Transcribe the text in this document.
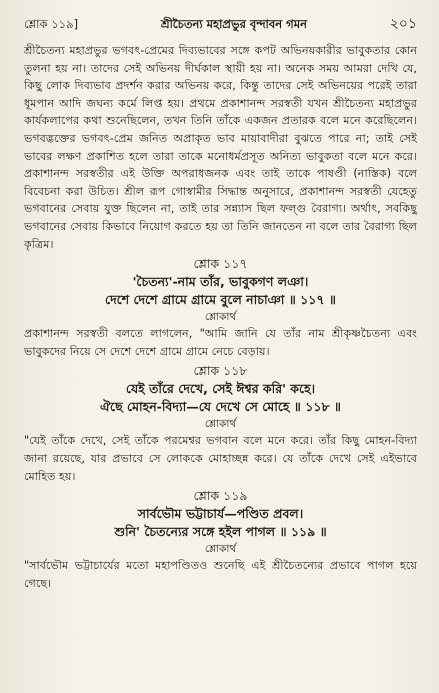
শ্লোক ১১৯]	শ্রীচৈতন্য মহাপ্রভুর বৃন্দাবন গমন	২০১

শ্রীচৈতন্য মহাপ্রভুর ভগবৎ-প্রেমের দিব্যভাবের সঙ্গে কপট অভিনয়কারীর ভাবুকতার কোন তুলনা হয় না। তাদের সেই অভিনয় দীর্ঘকাল স্থায়ী হয় না। অনেক সময় আমরা দেখি যে, কিছু লোক দিব্যভাব প্রদর্শন করার অভিনয় করে, কিন্তু তাদের সেই অভিনয়ের পরেই তারা ধূমপান আদি জঘন্য কর্মে লিপ্ত হয়। প্রথমে প্রকাশানন্দ সরস্বতী যখন শ্রীচৈতন্য মহাপ্রভুর কার্যকলাপের কথা শুনেছিলেন, তখন তিনি তাঁকে একজন প্রতারক বলে মনে করেছিলেন। ভগবদ্ভক্তের ভগবৎ-প্রেম জনিত অপ্রাকৃত ভাব মায়াবাদীরা বুঝতে পারে না; তাই সেই ভাবের লক্ষণ প্রকাশিত হলে তারা তাকে মনোধর্মপ্রসূত অনিত্য ভাবুকতা বলে মনে করে। প্রকাশানন্দ সরস্বতীর এই উক্তি অপরাধজনক এবং তাই তাকে পাষণ্ডী (নাস্তিক) বলে বিবেচনা করা উচিত। শ্রীল রূপ গোস্বামীর সিদ্ধান্ত অনুসারে, প্রকাশানন্দ সরস্বতী যেহেতু ভগবানের সেবায় যুক্ত ছিলেন না, তাই তার সন্ন্যাস ছিল ফল্গু বৈরাগ্য। অর্থাৎ, সবকিছু ভগবানের সেবায় কিভাবে নিয়োগ করতে হয় তা তিনি জানতেন না বলে তার বৈরাগ্য ছিল কৃত্রিম।

শ্লোক ১১৭

'চৈতন্য'-নাম তাঁর, ভাবুকগণ লঞা।

দেশে দেশে গ্রামে গ্রামে বুলে নাচাঞা ॥ ১১৭ ॥

শ্লোকার্থ

প্রকাশানন্দ সরস্বতী বলতে লাগলেন, "আমি জানি যে তাঁর নাম শ্রীকৃষ্ণচৈতন্য এবং ভাবুকদের নিয়ে সে দেশে দেশে গ্রামে গ্রামে নেচে বেড়ায়।

শ্লোক ১১৮

যেই তাঁরে দেখে, সেই ঈশ্বর করি' কহে।

ঐছে মোহন-বিদ্যা—যে দেখে সে মোহে ॥ ১১৮ ॥

শ্লোকার্থ

"যেই তাঁকে দেখে, সেই তাঁকে পরমেশ্বর ভগবান বলে মনে করে। তাঁর কিছু মোহন-বিদ্যা জানা রয়েছে, যার প্রভাবে সে লোককে মোহাচ্ছন্ন করে। যে তাঁকে দেখে সেই এইভাবে মোহিত হয়।

শ্লোক ১১৯

সার্বভৌম ভট্টাচার্য—পণ্ডিত প্রবল।

শুনি' চৈতন্যের সঙ্গে হইল পাগল ॥ ১১৯ ॥

শ্লোকার্থ

"সার্বভৌম ভট্টাচার্যের মতো মহাপণ্ডিতও শুনেছি এই শ্রীচৈতন্যের প্রভাবে পাগল হয়ে গেছে।
